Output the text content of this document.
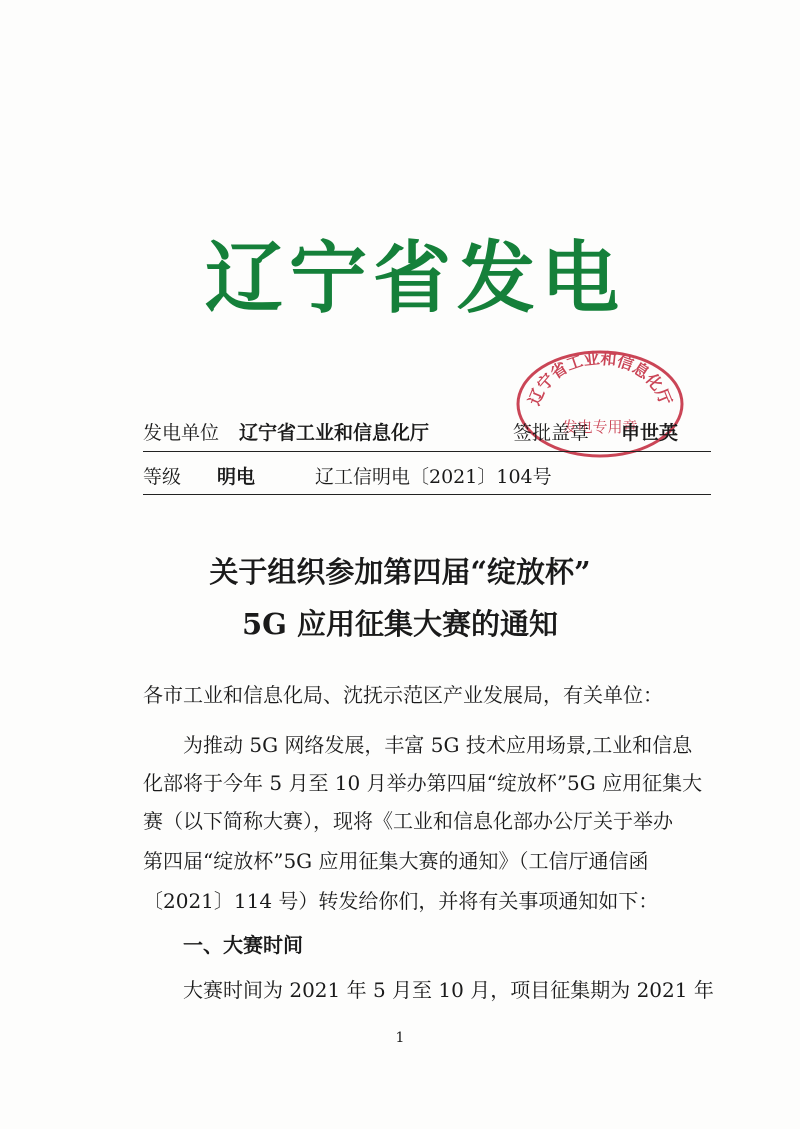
辽宁省发电
辽宁省工业和信息化厅
发电专用章
发电单位 辽宁省工业和信息化厅	签批盖章 申世英
等级 明电	辽工信明电〔2021〕104号
关于组织参加第四届“绽放杯”
5G 应用征集大赛的通知
各市工业和信息化局、沈抚示范区产业发展局，有关单位：
为推动 5G 网络发展，丰富 5G 技术应用场景,工业和信息
化部将于今年 5 月至 10 月举办第四届“绽放杯”5G 应用征集大
赛（以下简称大赛），现将《工业和信息化部办公厅关于举办
第四届“绽放杯”5G 应用征集大赛的通知》（工信厅通信函
〔2021〕114 号）转发给你们，并将有关事项通知如下：
一、大赛时间
大赛时间为 2021 年 5 月至 10 月，项目征集期为 2021 年
1
